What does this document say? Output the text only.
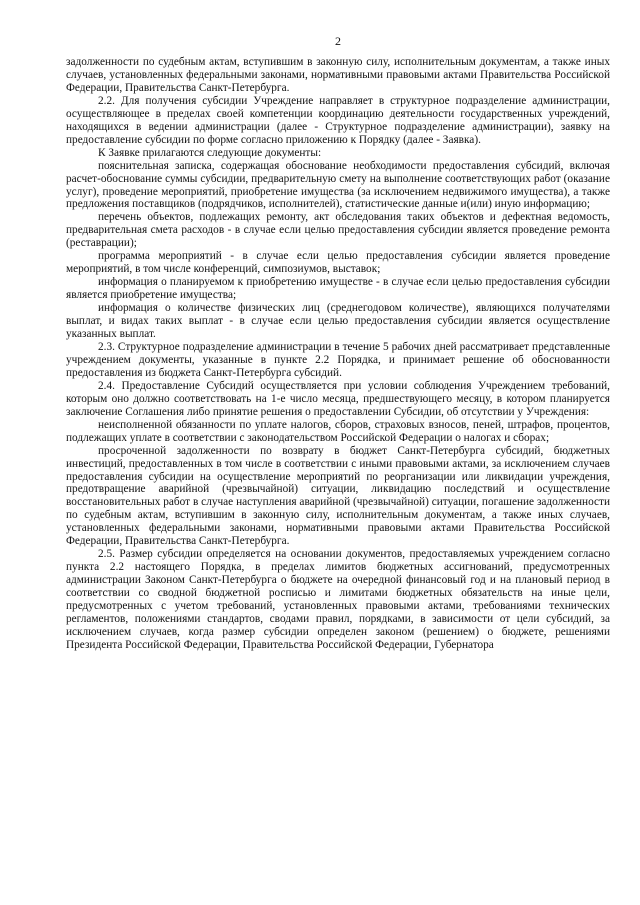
2

задолженности по судебным актам, вступившим в законную силу, исполнительным документам, а также иных случаев, установленных федеральными законами, нормативными правовыми актами Правительства Российской Федерации, Правительства Санкт-Петербурга.

2.2. Для получения субсидии Учреждение направляет в структурное подразделение администрации, осуществляющее в пределах своей компетенции координацию деятельности государственных учреждений, находящихся в ведении администрации (далее - Структурное подразделение администрации), заявку на предоставление субсидии по форме согласно приложению к Порядку (далее - Заявка).

К Заявке прилагаются следующие документы:

пояснительная записка, содержащая обоснование необходимости предоставления субсидий, включая расчет-обоснование суммы субсидии, предварительную смету на выполнение соответствующих работ (оказание услуг), проведение мероприятий, приобретение имущества (за исключением недвижимого имущества), а также предложения поставщиков (подрядчиков, исполнителей), статистические данные и(или) иную информацию;

перечень объектов, подлежащих ремонту, акт обследования таких объектов и дефектная ведомость, предварительная смета расходов - в случае если целью предоставления субсидии является проведение ремонта (реставрации);

программа мероприятий - в случае если целью предоставления субсидии является проведение мероприятий, в том числе конференций, симпозиумов, выставок;

информация о планируемом к приобретению имуществе - в случае если целью предоставления субсидии является приобретение имущества;

информация о количестве физических лиц (среднегодовом количестве), являющихся получателями выплат, и видах таких выплат - в случае если целью предоставления субсидии является осуществление указанных выплат.

2.3. Структурное подразделение администрации в течение 5 рабочих дней рассматривает представленные учреждением документы, указанные в пункте 2.2 Порядка, и принимает решение об обоснованности предоставления из бюджета Санкт-Петербурга субсидий.

2.4. Предоставление Субсидий осуществляется при условии соблюдения Учреждением требований, которым оно должно соответствовать на 1-е число месяца, предшествующего месяцу, в котором планируется заключение Соглашения либо принятие решения о предоставлении Субсидии, об отсутствии у Учреждения:

неисполненной обязанности по уплате налогов, сборов, страховых взносов, пеней, штрафов, процентов, подлежащих уплате в соответствии с законодательством Российской Федерации о налогах и сборах;

просроченной задолженности по возврату в бюджет Санкт-Петербурга субсидий, бюджетных инвестиций, предоставленных в том числе в соответствии с иными правовыми актами, за исключением случаев предоставления субсидии на осуществление мероприятий по реорганизации или ликвидации учреждения, предотвращение аварийной (чрезвычайной) ситуации, ликвидацию последствий и осуществление восстановительных работ в случае наступления аварийной (чрезвычайной) ситуации, погашение задолженности по судебным актам, вступившим в законную силу, исполнительным документам, а также иных случаев, установленных федеральными законами, нормативными правовыми актами Правительства Российской Федерации, Правительства Санкт-Петербурга.

2.5. Размер субсидии определяется на основании документов, предоставляемых учреждением согласно пункта 2.2 настоящего Порядка, в пределах лимитов бюджетных ассигнований, предусмотренных администрации Законом Санкт-Петербурга о бюджете на очередной финансовый год и на плановый период в соответствии со сводной бюджетной росписью и лимитами бюджетных обязательств на иные цели, предусмотренных с учетом требований, установленных правовыми актами, требованиями технических регламентов, положениями стандартов, сводами правил, порядками, в зависимости от цели субсидий, за исключением случаев, когда размер субсидии определен законом (решением) о бюджете, решениями Президента Российской Федерации, Правительства Российской Федерации, Губернатора
